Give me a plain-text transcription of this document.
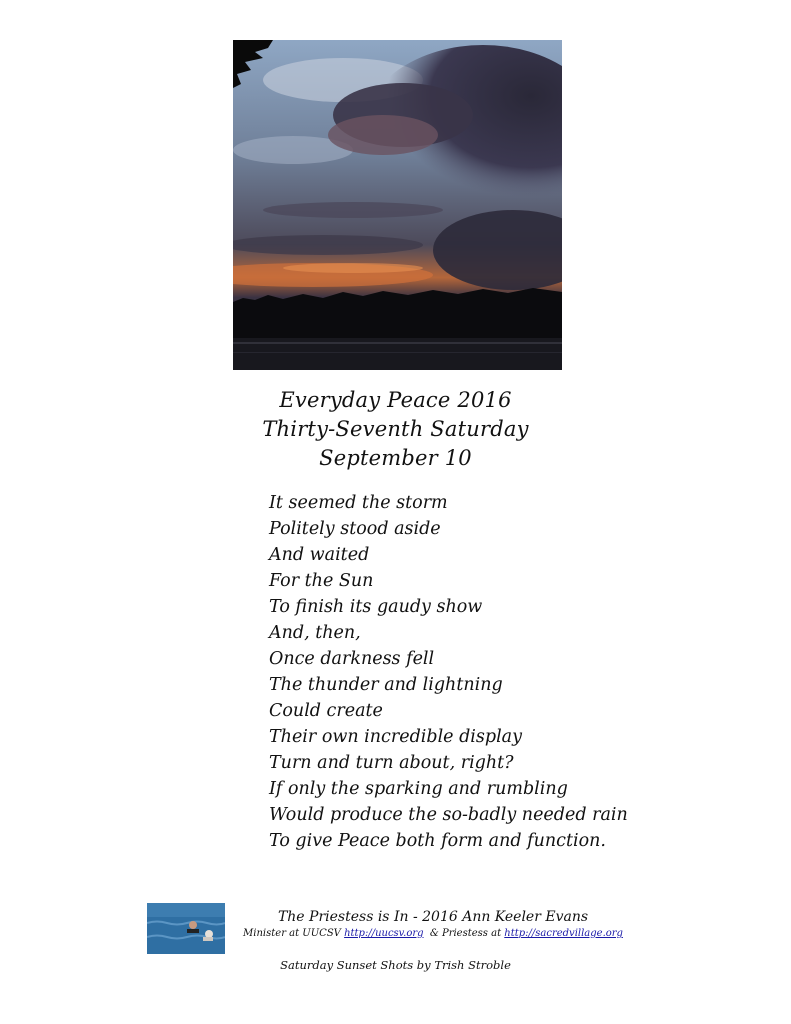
Everyday Peace 2016
Thirty-Seventh Saturday
September 10
It seemed the storm
Politely stood aside
And waited
For the Sun
To finish its gaudy show
And, then,
Once darkness fell
The thunder and lightning
Could create
Their own incredible display
Turn and turn about, right?
If only the sparking and rumbling
Would produce the so-badly needed rain
To give Peace both form and function.
The Priestess is In - 2016 Ann Keeler Evans
Minister at UUCSV http://uucsv.org  & Priestess at http://sacredvillage.org
Saturday Sunset Shots by Trish Stroble
